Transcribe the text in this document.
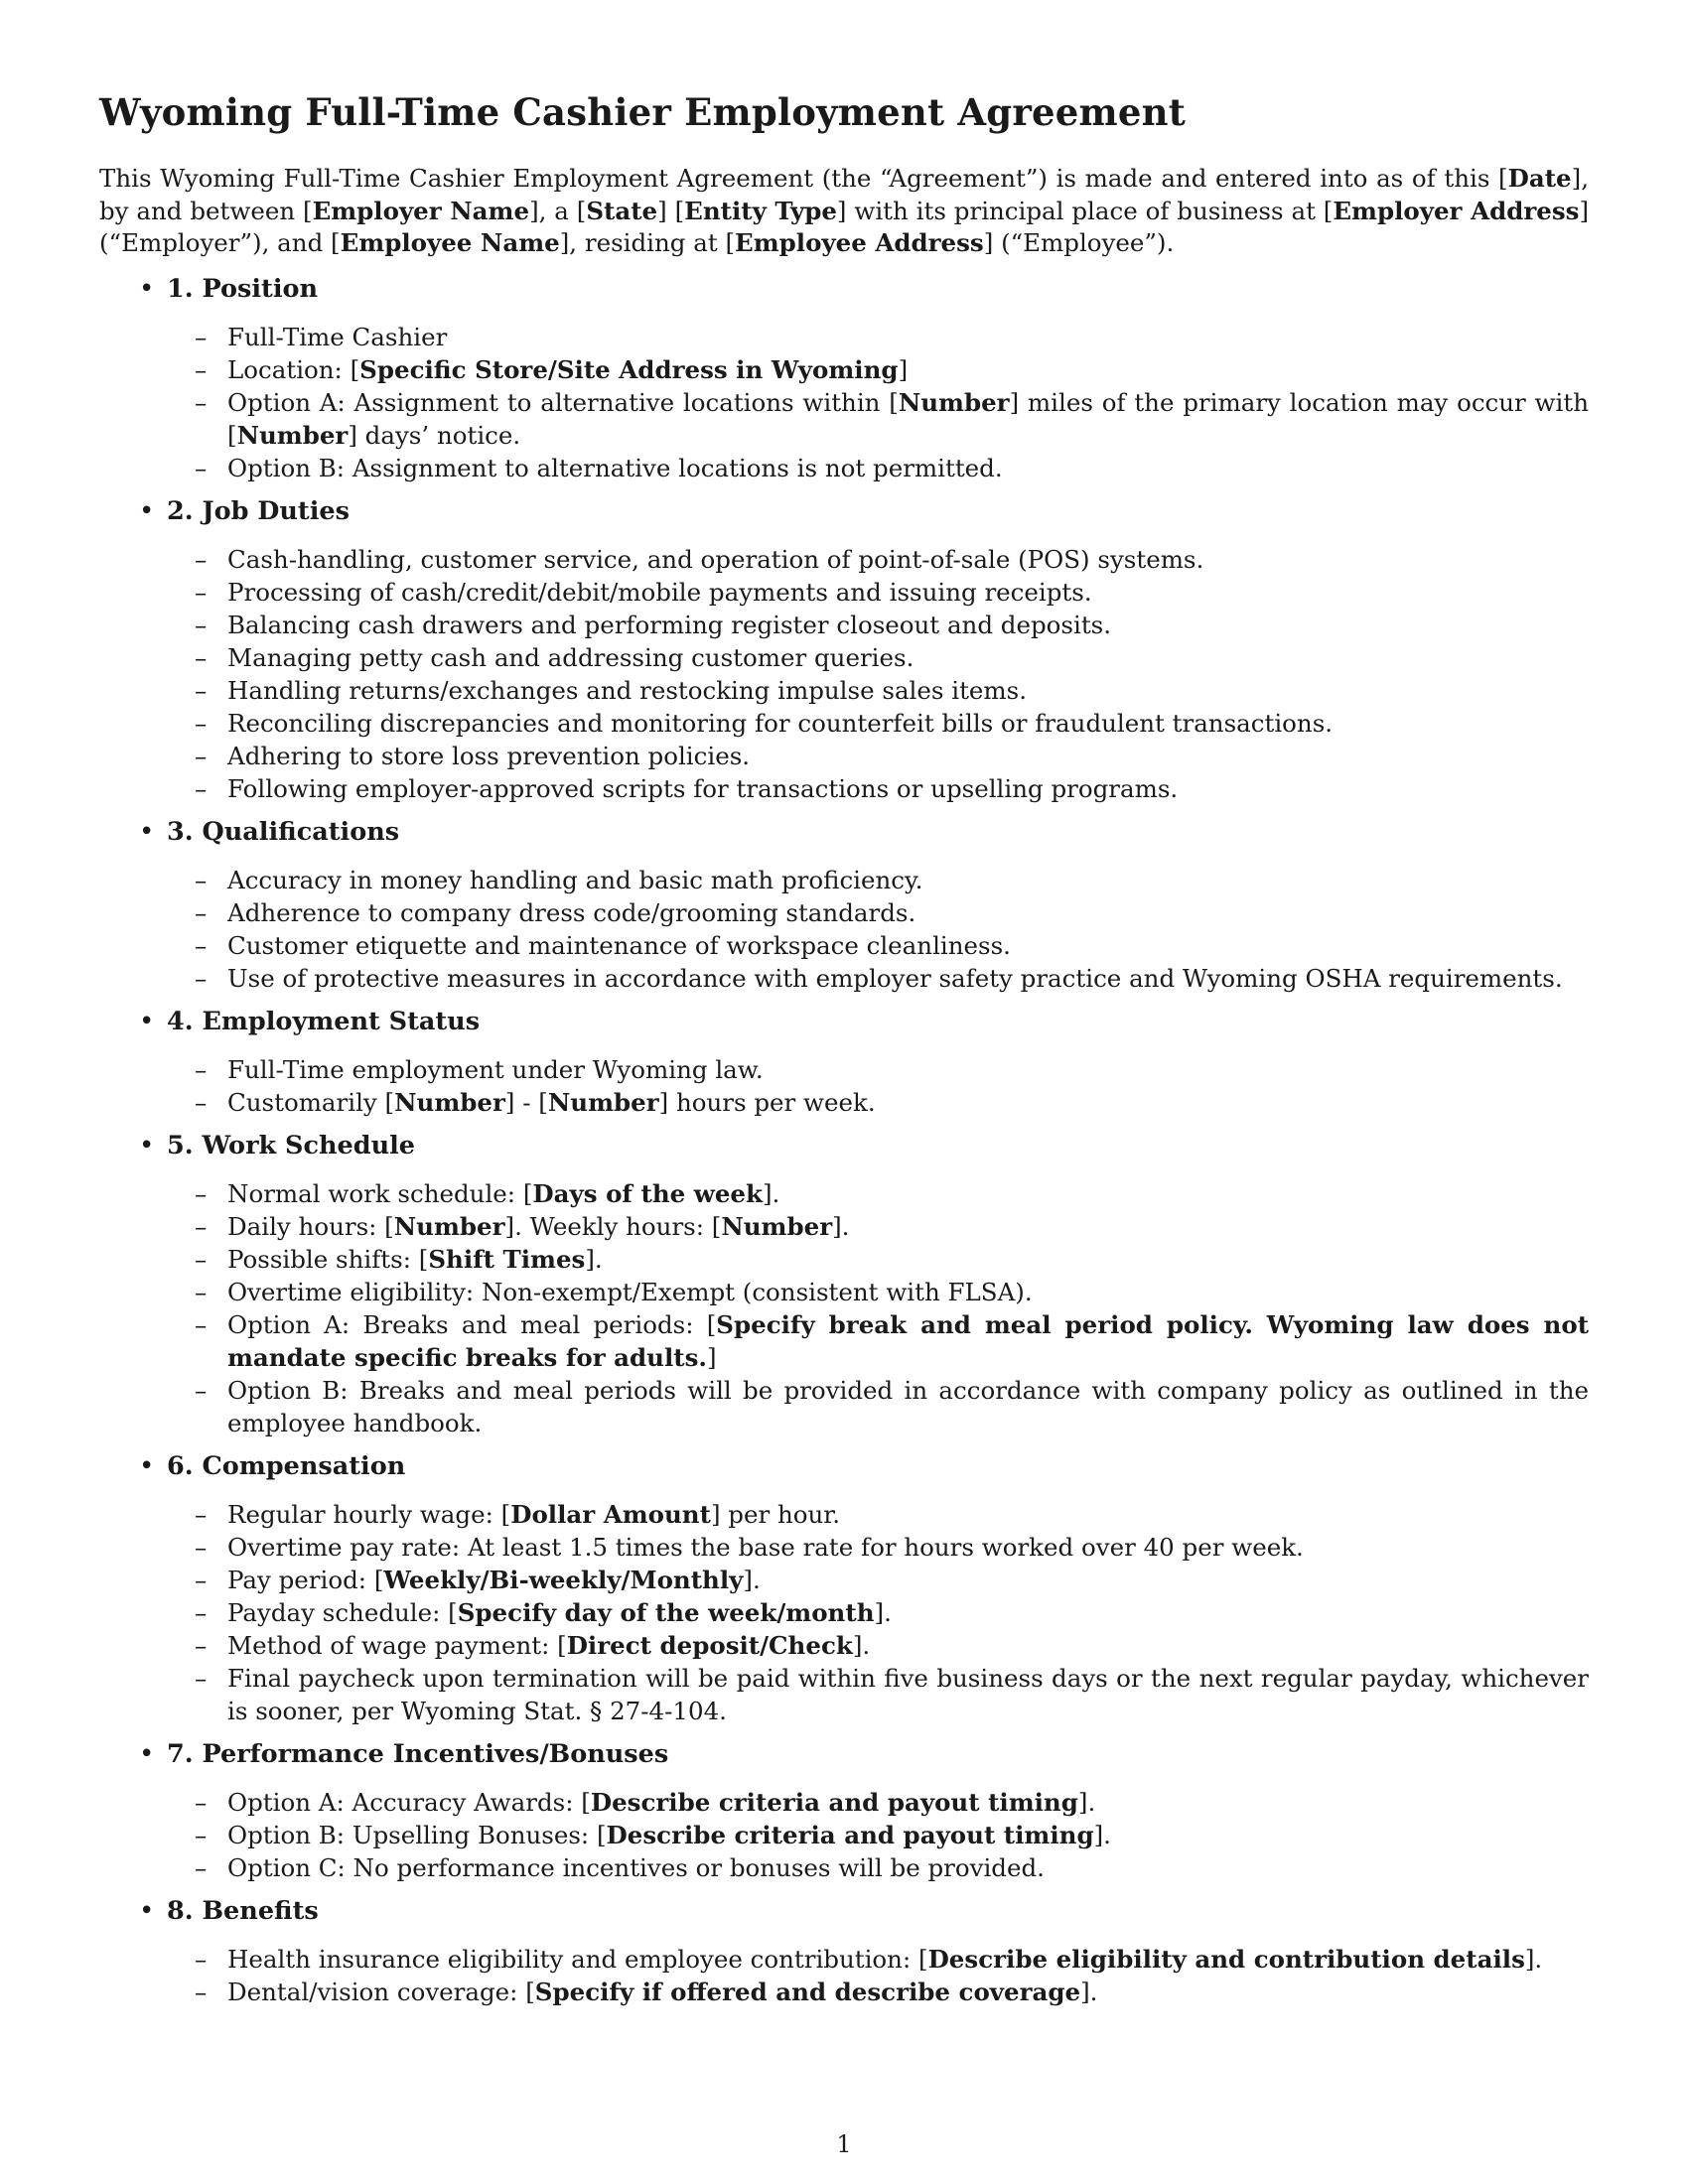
Wyoming Full-Time Cashier Employment Agreement

This Wyoming Full-Time Cashier Employment Agreement (the “Agreement”) is made and entered into as of this [Date], by and between [Employer Name], a [State] [Entity Type] with its principal place of business at [Employer Address] (“Employer”), and [Employee Name], residing at [Employee Address] (“Employee”).

• 1. Position
– Full-Time Cashier
– Location: [Specific Store/Site Address in Wyoming]
– Option A: Assignment to alternative locations within [Number] miles of the primary location may occur with [Number] days’ notice.
– Option B: Assignment to alternative locations is not permitted.
• 2. Job Duties
– Cash-handling, customer service, and operation of point-of-sale (POS) systems.
– Processing of cash/credit/debit/mobile payments and issuing receipts.
– Balancing cash drawers and performing register closeout and deposits.
– Managing petty cash and addressing customer queries.
– Handling returns/exchanges and restocking impulse sales items.
– Reconciling discrepancies and monitoring for counterfeit bills or fraudulent transactions.
– Adhering to store loss prevention policies.
– Following employer-approved scripts for transactions or upselling programs.
• 3. Qualifications
– Accuracy in money handling and basic math proficiency.
– Adherence to company dress code/grooming standards.
– Customer etiquette and maintenance of workspace cleanliness.
– Use of protective measures in accordance with employer safety practice and Wyoming OSHA requirements.
• 4. Employment Status
– Full-Time employment under Wyoming law.
– Customarily [Number] - [Number] hours per week.
• 5. Work Schedule
– Normal work schedule: [Days of the week].
– Daily hours: [Number]. Weekly hours: [Number].
– Possible shifts: [Shift Times].
– Overtime eligibility: Non-exempt/Exempt (consistent with FLSA).
– Option A: Breaks and meal periods: [Specify break and meal period policy. Wyoming law does not mandate specific breaks for adults.]
– Option B: Breaks and meal periods will be provided in accordance with company policy as outlined in the employee handbook.
• 6. Compensation
– Regular hourly wage: [Dollar Amount] per hour.
– Overtime pay rate: At least 1.5 times the base rate for hours worked over 40 per week.
– Pay period: [Weekly/Bi-weekly/Monthly].
– Payday schedule: [Specify day of the week/month].
– Method of wage payment: [Direct deposit/Check].
– Final paycheck upon termination will be paid within five business days or the next regular payday, whichever is sooner, per Wyoming Stat. § 27-4-104.
• 7. Performance Incentives/Bonuses
– Option A: Accuracy Awards: [Describe criteria and payout timing].
– Option B: Upselling Bonuses: [Describe criteria and payout timing].
– Option C: No performance incentives or bonuses will be provided.
• 8. Benefits
– Health insurance eligibility and employee contribution: [Describe eligibility and contribution details].
– Dental/vision coverage: [Specify if offered and describe coverage].
1
